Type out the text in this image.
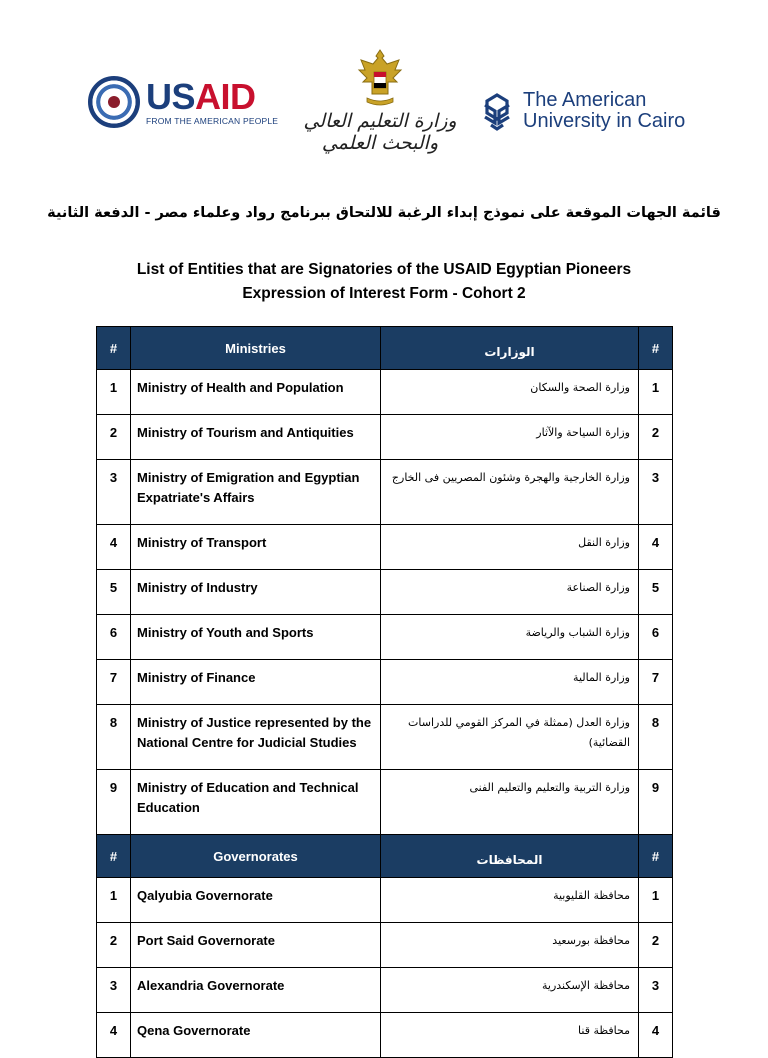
USAID
FROM THE AMERICAN PEOPLE وزارة التعليم العالي والبحث العلمي
The American
University in Cairo
قائمة الجهات الموقعة على نموذج إبداء الرغبة للالتحاق ببرنامج رواد وعلماء مصر - الدفعة الثانية
List of Entities that are Signatories of the USAID Egyptian Pioneers
Expression of Interest Form - Cohort 2
#	Ministries	الوزارات	#
1	Ministry of Health and Population	وزارة الصحة والسكان	1
2	Ministry of Tourism and Antiquities	وزارة السياحة والآثار	2
3	Ministry of Emigration and Egyptian Expatriate's Affairs	وزارة الخارجية والهجرة وشئون المصريين فى الخارج	3
4	Ministry of Transport	وزارة النقل	4
5	Ministry of Industry	وزارة الصناعة	5
6	Ministry of Youth and Sports	وزارة الشباب والرياضة	6
7	Ministry of Finance	وزارة المالية	7
8	Ministry of Justice represented by the National Centre for Judicial Studies	وزارة العدل (ممثلة في المركز القومي للدراسات القضائية)	8
9	Ministry of Education and Technical Education	وزارة التربية والتعليم والتعليم الفنى	9
#	Governorates	المحافظات	#
1	Qalyubia Governorate	محافظة القليوبية	1
2	Port Said Governorate	محافظة بورسعيد	2
3	Alexandria Governorate	محافظة الإسكندرية	3
4	Qena Governorate	محافظة قنا	4
